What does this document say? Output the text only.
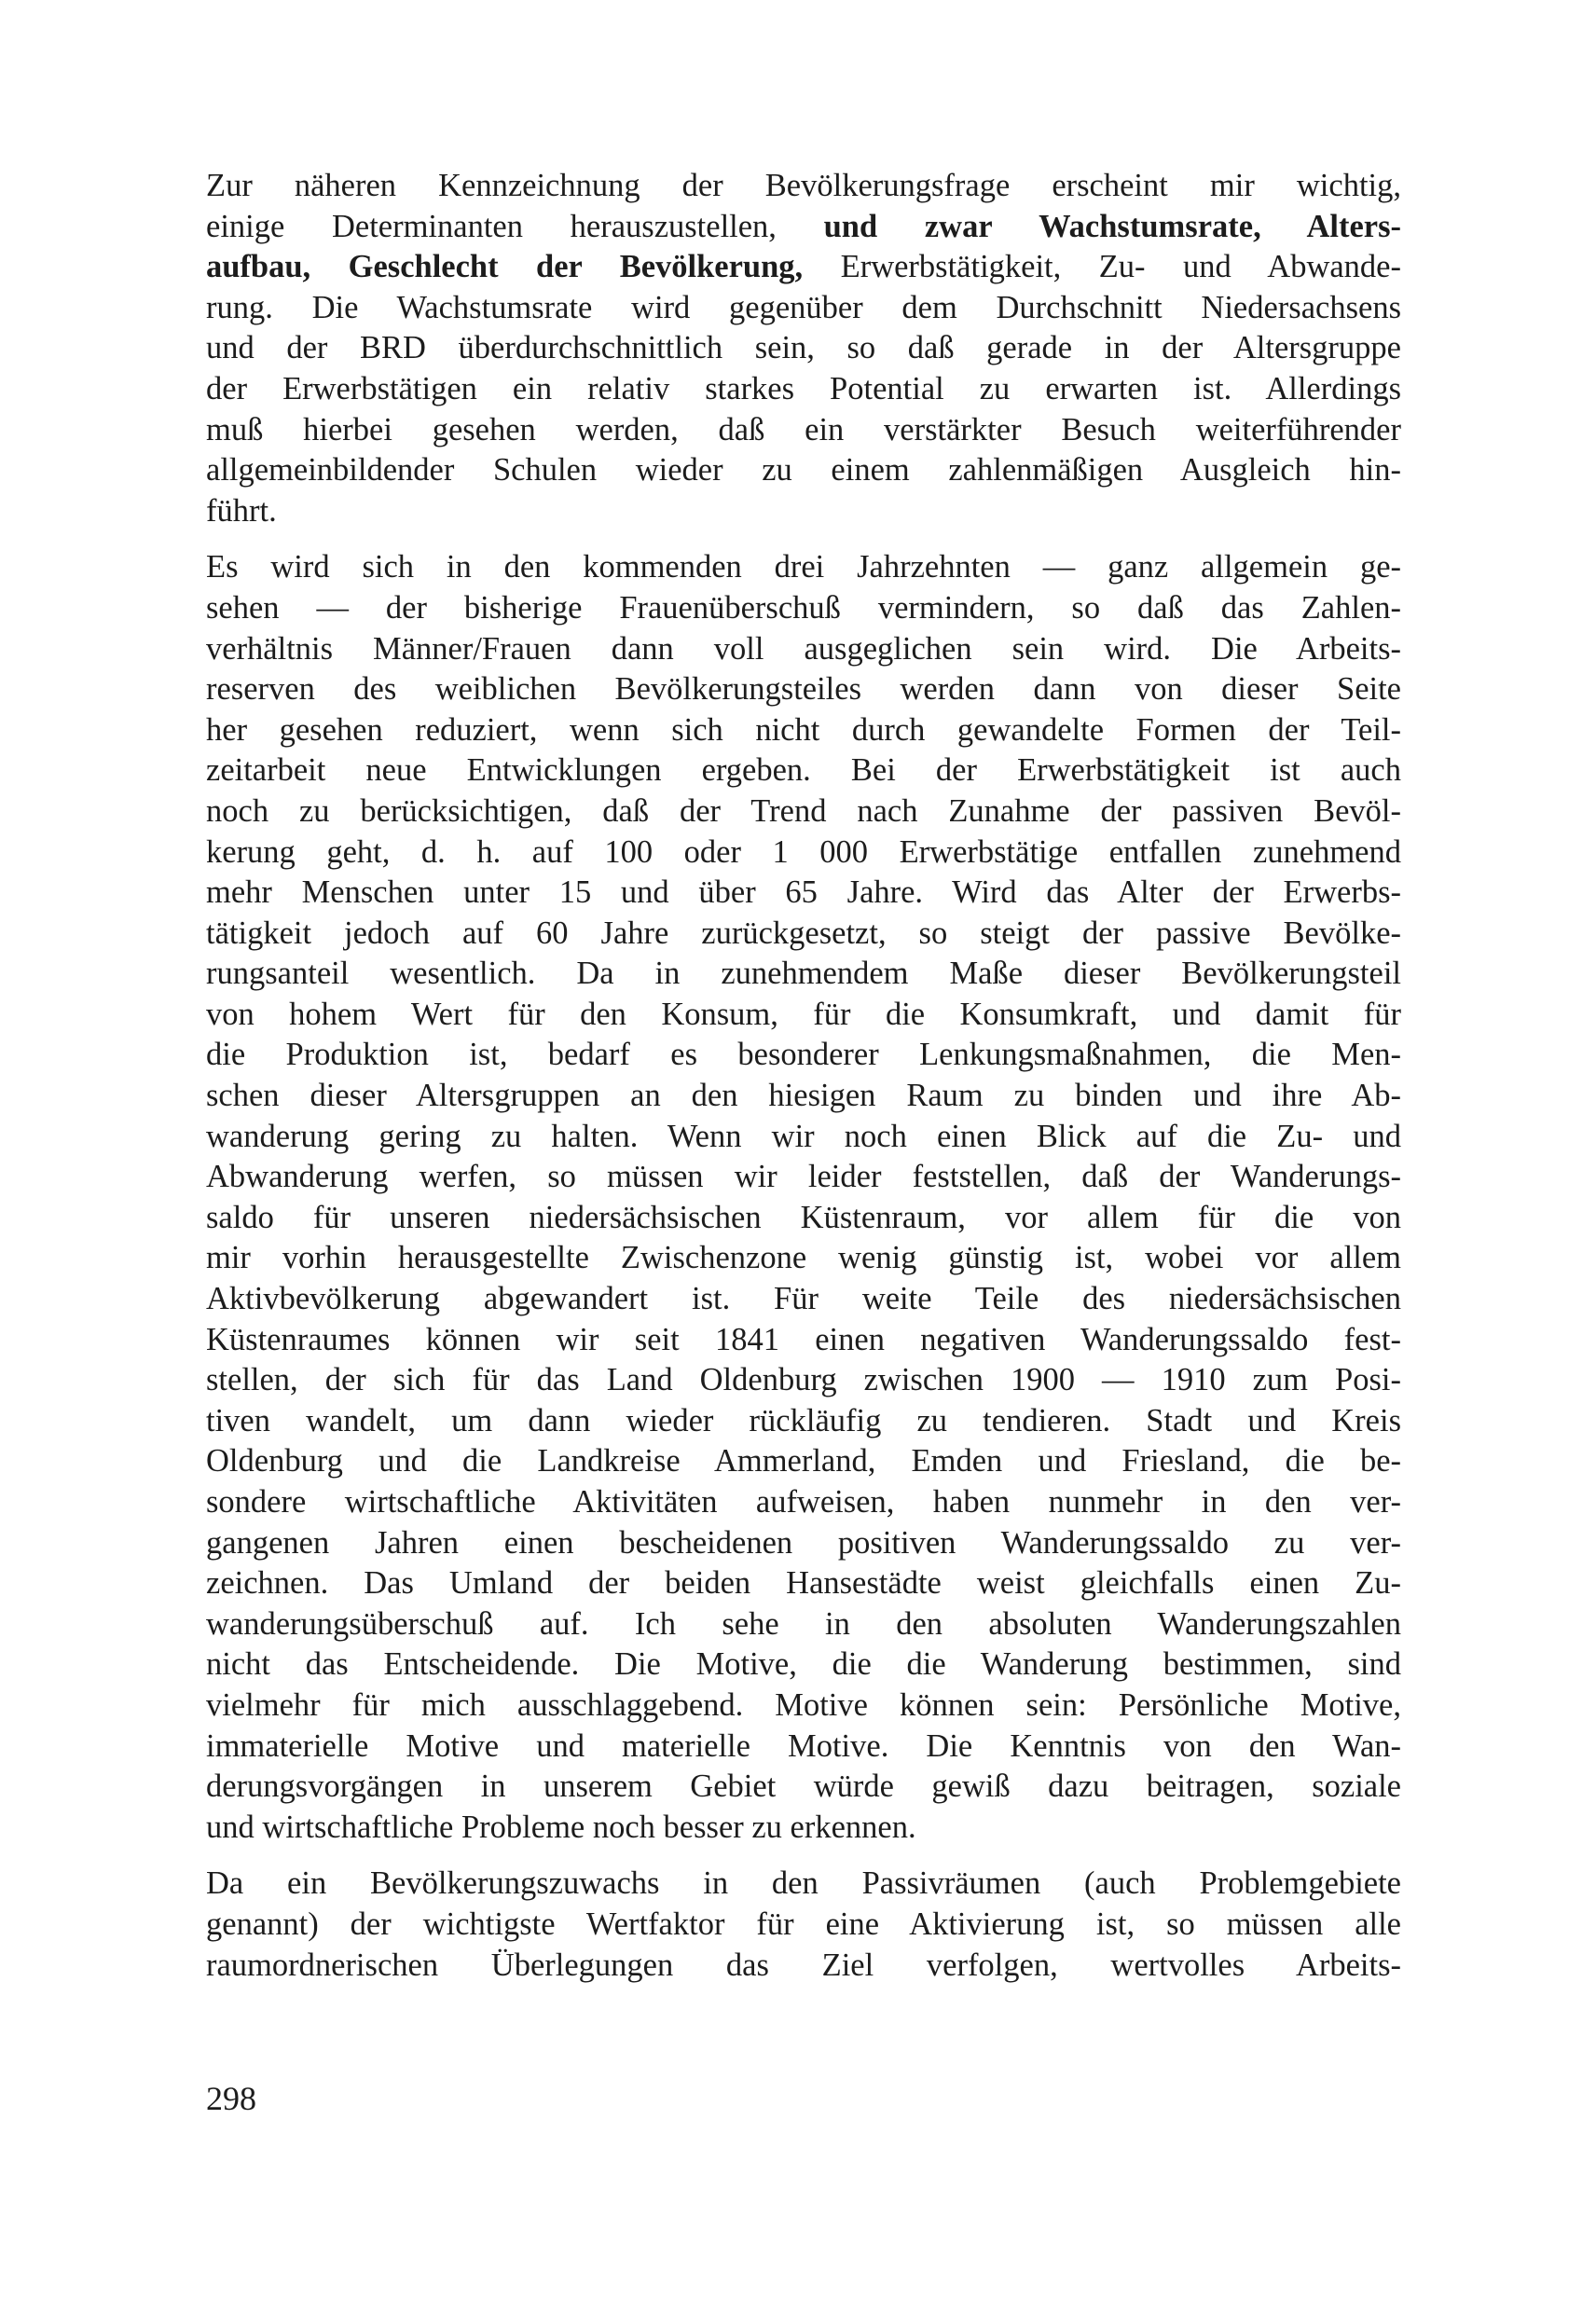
Zur näheren Kennzeichnung der Bevölkerungsfrage erscheint mir wichtig,
einige Determinanten herauszustellen, und zwar Wachstumsrate, Alters-
aufbau, Geschlecht der Bevölkerung, Erwerbstätigkeit, Zu- und Abwande-
rung. Die Wachstumsrate wird gegenüber dem Durchschnitt Niedersachsens
und der BRD überdurchschnittlich sein, so daß gerade in der Altersgruppe
der Erwerbstätigen ein relativ starkes Potential zu erwarten ist. Allerdings
muß hierbei gesehen werden, daß ein verstärkter Besuch weiterführender
allgemeinbildender Schulen wieder zu einem zahlenmäßigen Ausgleich hin-
führt.
Es wird sich in den kommenden drei Jahrzehnten — ganz allgemein ge-
sehen — der bisherige Frauenüberschuß vermindern, so daß das Zahlen-
verhältnis Männer/Frauen dann voll ausgeglichen sein wird. Die Arbeits-
reserven des weiblichen Bevölkerungsteiles werden dann von dieser Seite
her gesehen reduziert, wenn sich nicht durch gewandelte Formen der Teil-
zeitarbeit neue Entwicklungen ergeben. Bei der Erwerbstätigkeit ist auch
noch zu berücksichtigen, daß der Trend nach Zunahme der passiven Bevöl-
kerung geht, d. h. auf 100 oder 1 000 Erwerbstätige entfallen zunehmend
mehr Menschen unter 15 und über 65 Jahre. Wird das Alter der Erwerbs-
tätigkeit jedoch auf 60 Jahre zurückgesetzt, so steigt der passive Bevölke-
rungsanteil wesentlich. Da in zunehmendem Maße dieser Bevölkerungsteil
von hohem Wert für den Konsum, für die Konsumkraft, und damit für
die Produktion ist, bedarf es besonderer Lenkungsmaßnahmen, die Men-
schen dieser Altersgruppen an den hiesigen Raum zu binden und ihre Ab-
wanderung gering zu halten. Wenn wir noch einen Blick auf die Zu- und
Abwanderung werfen, so müssen wir leider feststellen, daß der Wanderungs-
saldo für unseren niedersächsischen Küstenraum, vor allem für die von
mir vorhin herausgestellte Zwischenzone wenig günstig ist, wobei vor allem
Aktivbevölkerung abgewandert ist. Für weite Teile des niedersächsischen
Küstenraumes können wir seit 1841 einen negativen Wanderungssaldo fest-
stellen, der sich für das Land Oldenburg zwischen 1900 — 1910 zum Posi-
tiven wandelt, um dann wieder rückläufig zu tendieren. Stadt und Kreis
Oldenburg und die Landkreise Ammerland, Emden und Friesland, die be-
sondere wirtschaftliche Aktivitäten aufweisen, haben nunmehr in den ver-
gangenen Jahren einen bescheidenen positiven Wanderungssaldo zu ver-
zeichnen. Das Umland der beiden Hansestädte weist gleichfalls einen Zu-
wanderungsüberschuß auf. Ich sehe in den absoluten Wanderungszahlen
nicht das Entscheidende. Die Motive, die die Wanderung bestimmen, sind
vielmehr für mich ausschlaggebend. Motive können sein: Persönliche Motive,
immaterielle Motive und materielle Motive. Die Kenntnis von den Wan-
derungsvorgängen in unserem Gebiet würde gewiß dazu beitragen, soziale
und wirtschaftliche Probleme noch besser zu erkennen.
Da ein Bevölkerungszuwachs in den Passivräumen (auch Problemgebiete
genannt) der wichtigste Wertfaktor für eine Aktivierung ist, so müssen alle
raumordnerischen Überlegungen das Ziel verfolgen, wertvolles Arbeits-
298
